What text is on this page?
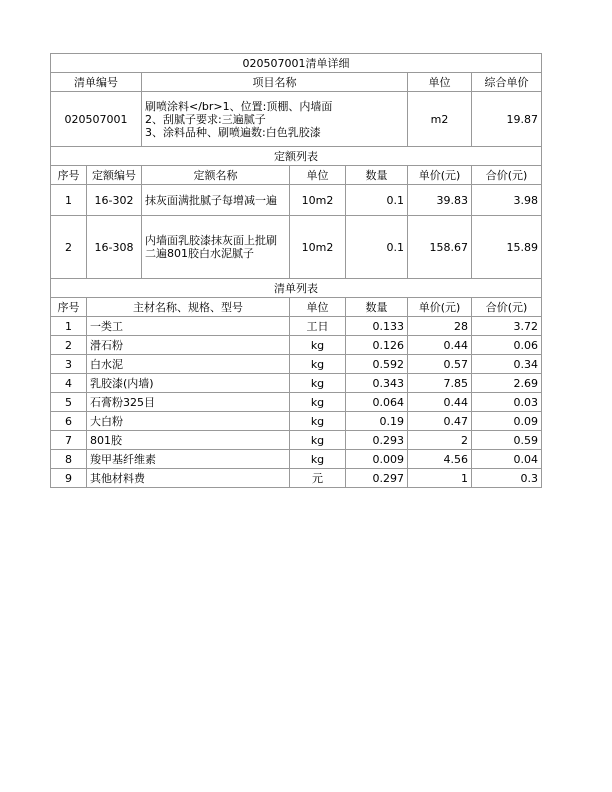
020507001清单详细						
清单编号		项目名称			单位	综合单价
020507001		刷喷涂料</br>1、位置:顶棚、内墙面
2、刮腻子要求:三遍腻子
3、涂料品种、刷喷遍数:白色乳胶漆			m2	19.87
定额列表						
序号	定额编号	定额名称	单位	数量	单价(元)	合价(元)
1	16-302	抹灰面满批腻子每增减一遍	10m2	0.1	39.83	3.98
2	16-308	内墙面乳胶漆抹灰面上批刷二遍801胶白水泥腻子	10m2	0.1	158.67	15.89
清单列表						
序号	主材名称、规格、型号		单位	数量	单价(元)	合价(元)
1	一类工		工日	0.133	28	3.72
2	滑石粉		kg	0.126	0.44	0.06
3	白水泥		kg	0.592	0.57	0.34
4	乳胶漆(内墙)		kg	0.343	7.85	2.69
5	石膏粉325目		kg	0.064	0.44	0.03
6	大白粉		kg	0.19	0.47	0.09
7	801胶		kg	0.293	2	0.59
8	羧甲基纤维素		kg	0.009	4.56	0.04
9	其他材料费		元	0.297	1	0.3
